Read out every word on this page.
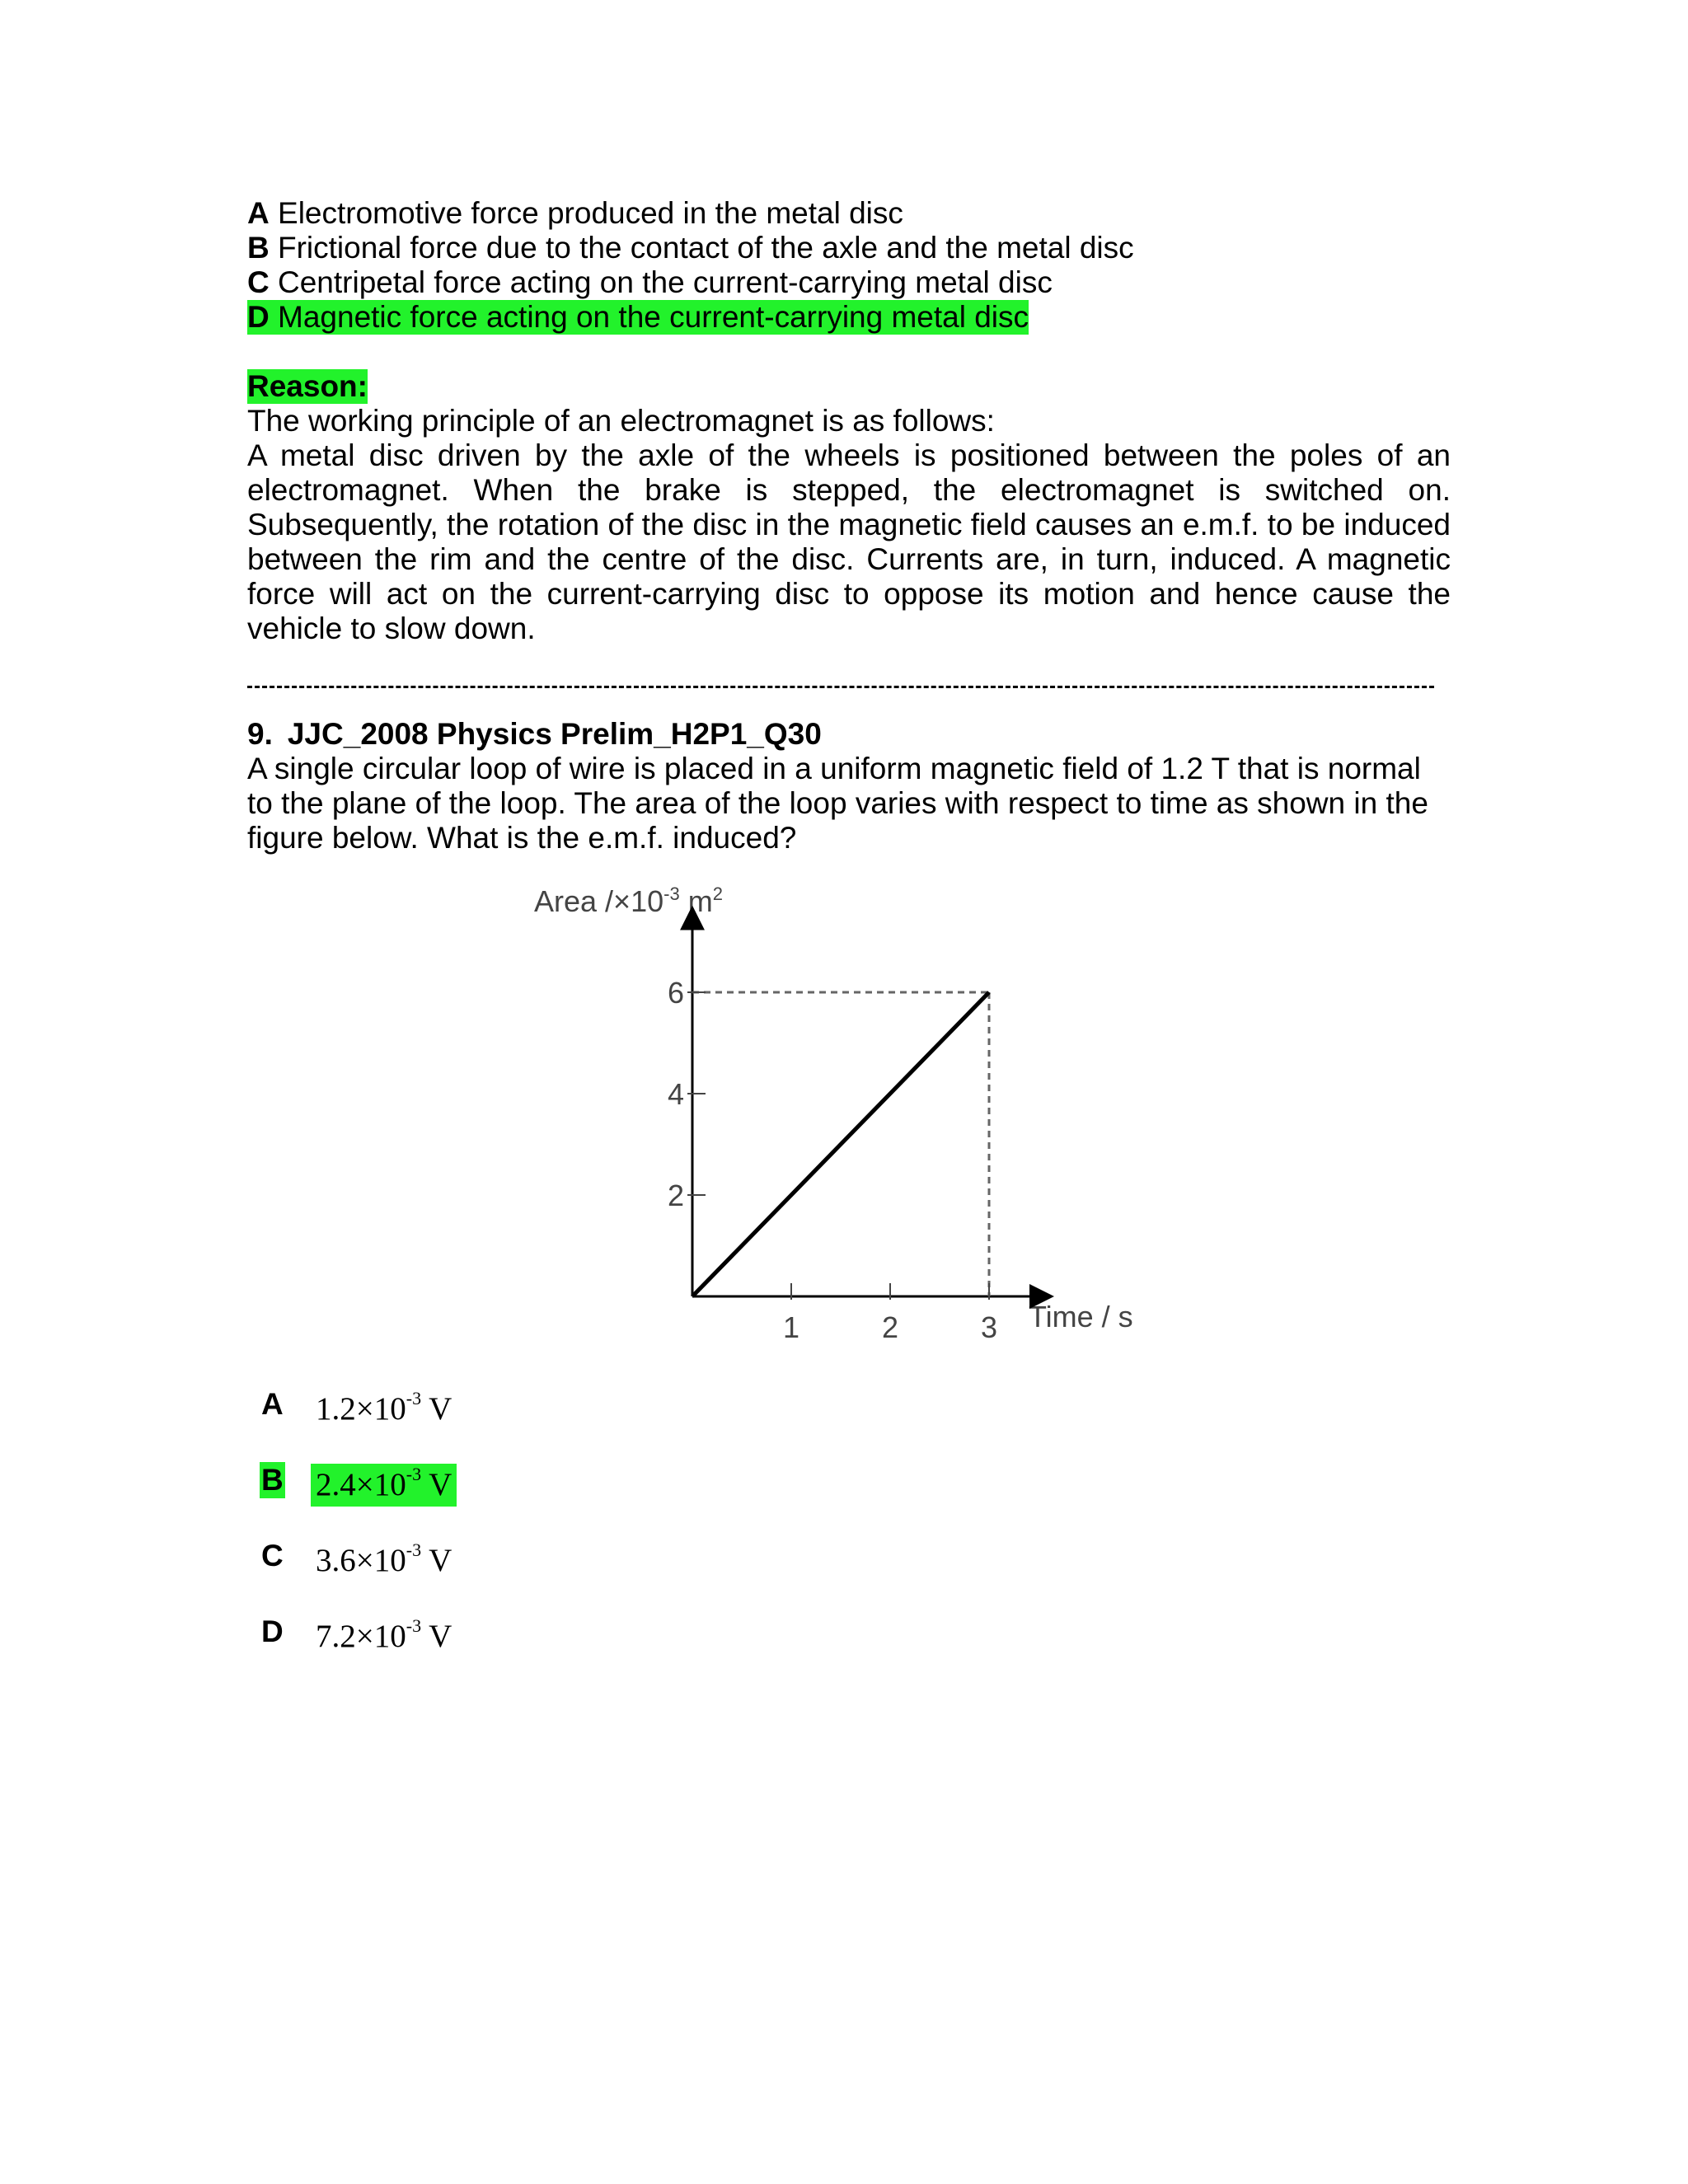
A Electromotive force produced in the metal disc
B Frictional force due to the contact of the axle and the metal disc
C Centripetal force acting on the current-carrying metal disc
D Magnetic force acting on the current-carrying metal disc
Reason:

The working principle of an electromagnet is as follows:

A metal disc driven by the axle of the wheels is positioned between the poles of an electromagnet. When the brake is stepped, the electromagnet is switched on. Subsequently, the rotation of the disc in the magnetic field causes an e.m.f. to be induced between the rim and the centre of the disc. Currents are, in turn, induced. A magnetic force will act on the current-carrying disc to oppose its motion and hence cause the vehicle to slow down.

9. JJC_2008 Physics Prelim_H2P1_Q30
A single circular loop of wire is placed in a uniform magnetic field of 1.2 T that is normal to the plane of the loop. The area of the loop varies with respect to time as shown in the figure below. What is the e.m.f. induced?
Area $/\times 10^{-3}$ $m^2$
Time / s
1	2	3
2
4
6
A $1.2\times 10^{-3}$ V
B $2.4\times 10^{-3}$ V
C $3.6\times 10^{-3}$ V
D $7.2\times 10^{-3}$ V
